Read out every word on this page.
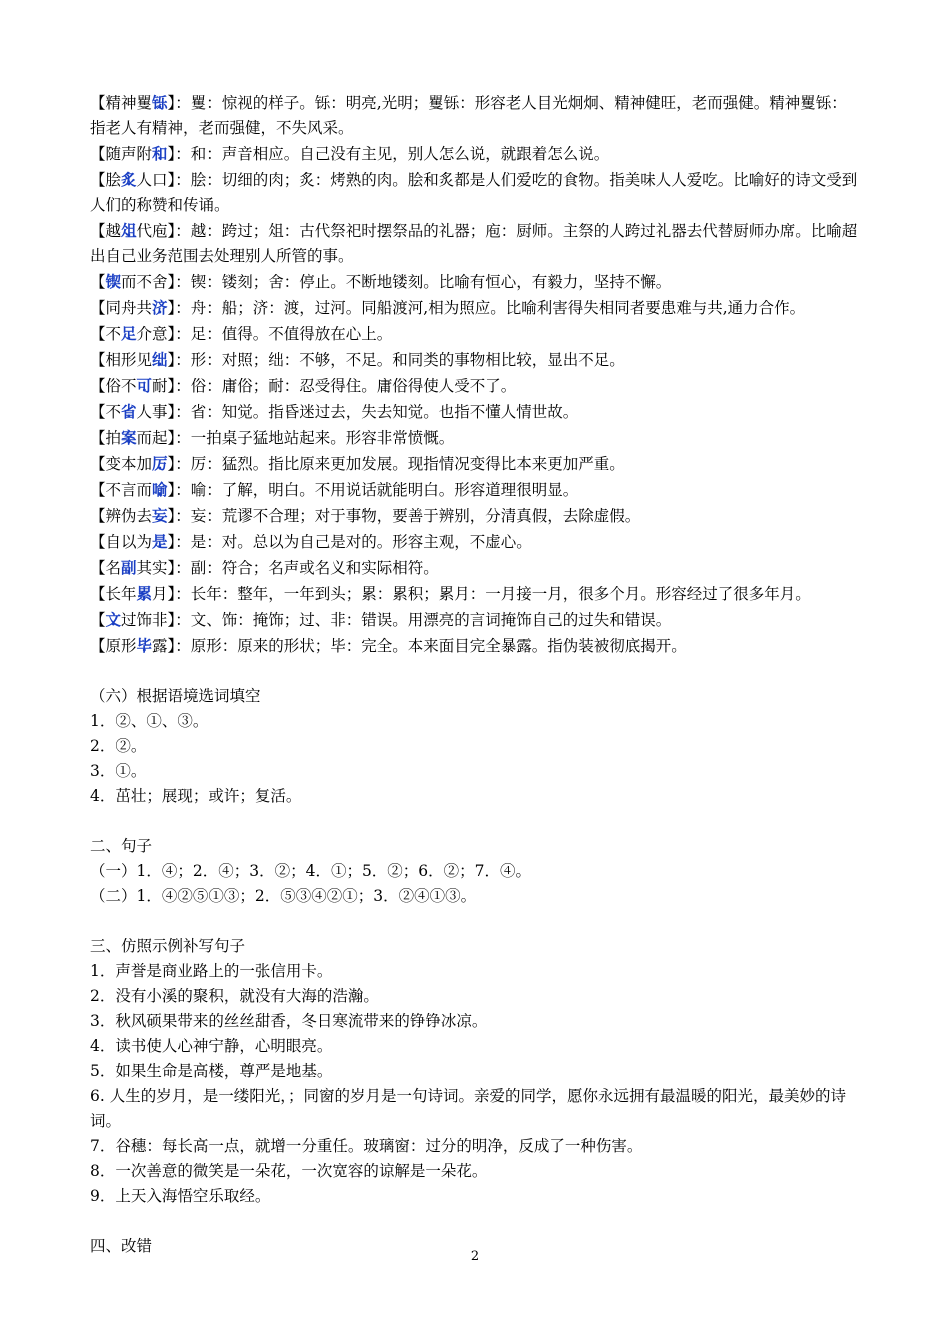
【精神矍铄】：矍：惊视的样子。铄：明亮,光明；矍铄：形容老人目光炯炯、精神健旺，老而强健。精神矍铄：指老人有精神，老而强健，不失风采。
【随声附和】：和：声音相应。自己没有主见，别人怎么说，就跟着怎么说。
【脍炙人口】：脍：切细的肉；炙：烤熟的肉。脍和炙都是人们爱吃的食物。指美味人人爱吃。比喻好的诗文受到人们的称赞和传诵。
【越俎代庖】：越：跨过；俎：古代祭祀时摆祭品的礼器；庖：厨师。主祭的人跨过礼器去代替厨师办席。比喻超出自己业务范围去处理别人所管的事。
【锲而不舍】：锲：镂刻；舍：停止。不断地镂刻。比喻有恒心，有毅力，坚持不懈。
【同舟共济】：舟：船；济：渡，过河。同船渡河,相为照应。比喻利害得失相同者要患难与共,通力合作。
【不足介意】：足：值得。不值得放在心上。
【相形见绌】：形：对照；绌：不够，不足。和同类的事物相比较，显出不足。
【俗不可耐】：俗：庸俗；耐：忍受得住。庸俗得使人受不了。
【不省人事】：省：知觉。指昏迷过去，失去知觉。也指不懂人情世故。
【拍案而起】：一拍桌子猛地站起来。形容非常愤慨。
【变本加厉】：厉：猛烈。指比原来更加发展。现指情况变得比本来更加严重。
【不言而喻】：喻：了解，明白。不用说话就能明白。形容道理很明显。
【辨伪去妄】：妄：荒谬不合理；对于事物，要善于辨别，分清真假，去除虚假。
【自以为是】：是：对。总以为自己是对的。形容主观，不虚心。
【名副其实】：副：符合；名声或名义和实际相符。
【长年累月】：长年：整年，一年到头；累：累积；累月：一月接一月，很多个月。形容经过了很多年月。
【文过饰非】：文、饰：掩饰；过、非：错误。用漂亮的言词掩饰自己的过失和错误。
【原形毕露】：原形：原来的形状；毕：完全。本来面目完全暴露。指伪装被彻底揭开。
（六）根据语境选词填空
1．②、①、③。
2．②。
3．①。
4．茁壮；展现；或许；复活。
二、句子
（一）1．④；2．④；3．②；4．①；5．②；6．②；7．④。
（二）1．④②⑤①③；2．⑤③④②①；3．②④①③。
三、仿照示例补写句子
1．声誉是商业路上的一张信用卡。
2．没有小溪的聚积，就没有大海的浩瀚。
3．秋风硕果带来的丝丝甜香，冬日寒流带来的铮铮冰凉。
4．读书使人心神宁静，心明眼亮。
5．如果生命是高楼，尊严是地基。
6. 人生的岁月，是一缕阳光，；同窗的岁月是一句诗词。亲爱的同学，愿你永远拥有最温暖的阳光，最美妙的诗词。
7．谷穗：每长高一点，就增一分重任。玻璃窗：过分的明净，反成了一种伤害。
8．一次善意的微笑是一朵花，一次宽容的谅解是一朵花。
9．上天入海悟空乐取经。
四、改错
2
